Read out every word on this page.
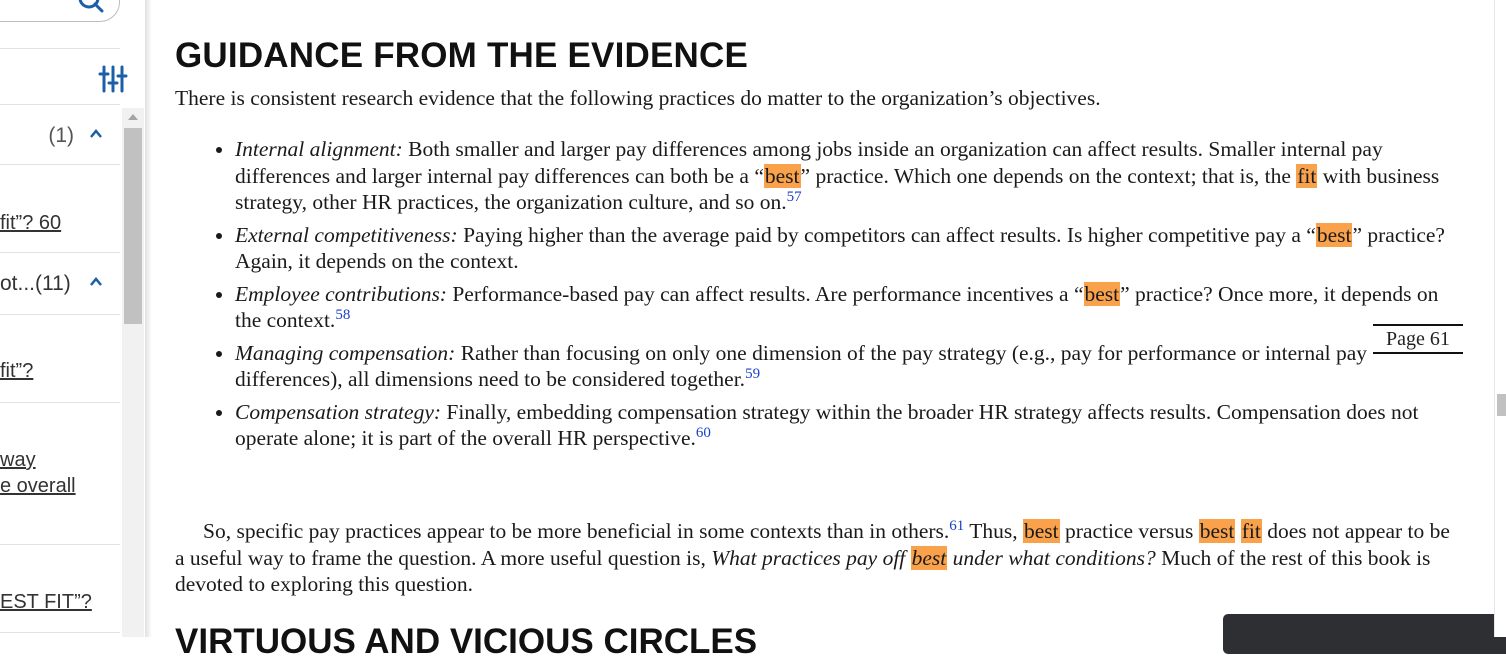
(1)
fit”? 60
ot...(11)
fit”?
way
e overall
EST FIT”?
GUIDANCE FROM THE EVIDENCE

There is consistent research evidence that the following practices do matter to the organization’s objectives.

• Internal alignment: Both smaller and larger pay differences among jobs inside an organization can affect results. Smaller internal pay differences and larger internal pay differences can both be a “best” practice. Which one depends on the context; that is, the fit with business strategy, other HR practices, the organization culture, and so on.$^{57}$
• External competitiveness: Paying higher than the average paid by competitors can affect results. Is higher competitive pay a “best” practice? Again, it depends on the context.
• Employee contributions: Performance-based pay can affect results. Are performance incentives a “best” practice? Once more, it depends on the context.$^{58}$
• Managing compensation: Rather than focusing on only one dimension of the pay strategy (e.g., pay for performance or internal pay differences), all dimensions need to be considered together.$^{59}$
• Compensation strategy: Finally, embedding compensation strategy within the broader HR strategy affects results. Compensation does not operate alone; it is part of the overall HR perspective.$^{60}$
Page 61

So, specific pay practices appear to be more beneficial in some contexts than in others.$^{61}$ Thus, best practice versus best fit does not appear to be a useful way to frame the question. A more useful question is, What practices pay off best under what conditions? Much of the rest of this book is devoted to exploring this question.

VIRTUOUS AND VICIOUS CIRCLES
